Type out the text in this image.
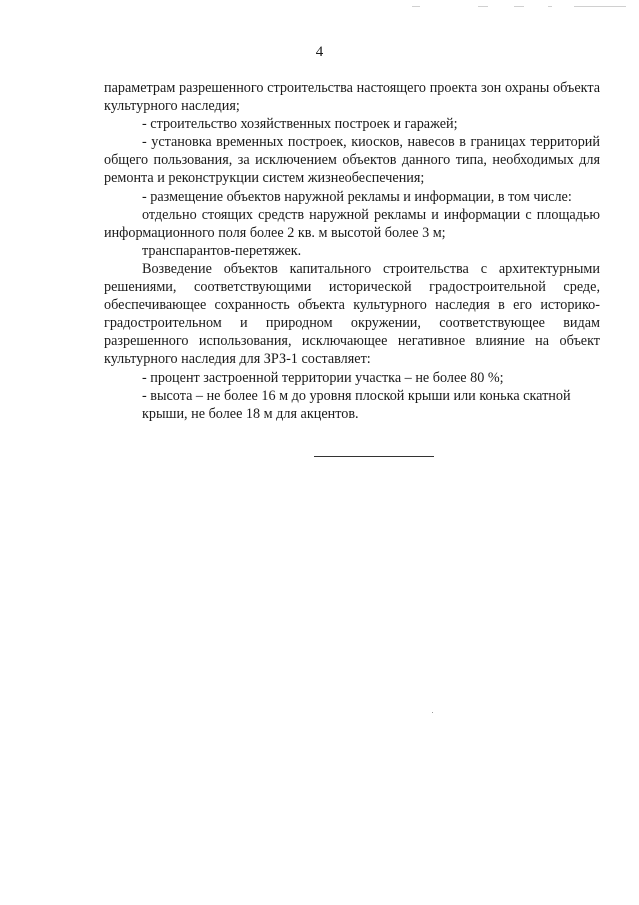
4

параметрам разрешенного строительства настоящего проекта зон охраны объекта культурного наследия;

- строительство хозяйственных построек и гаражей;

- установка временных построек, киосков, навесов в границах территорий общего пользования, за исключением объектов данного типа, необходимых для ремонта и реконструкции систем жизнеобеспечения;

- размещение объектов наружной рекламы и информации, в том числе:

отдельно стоящих средств наружной рекламы и информации с площадью информационного поля более 2 кв. м высотой более 3 м;

транспарантов-перетяжек.

Возведение объектов капитального строительства с архитектурными решениями, соответствующими исторической градостроительной среде, обеспечивающее сохранность объекта культурного наследия в его историко-градостроительном и природном окружении, соответствующее видам разрешенного использования, исключающее негативное влияние на объект культурного наследия для ЗРЗ-1 составляет:

- процент застроенной территории участка – не более 80 %;

- высота – не более 16 м до уровня плоской крыши или конька скатной крыши, не более 18 м для акцентов.
